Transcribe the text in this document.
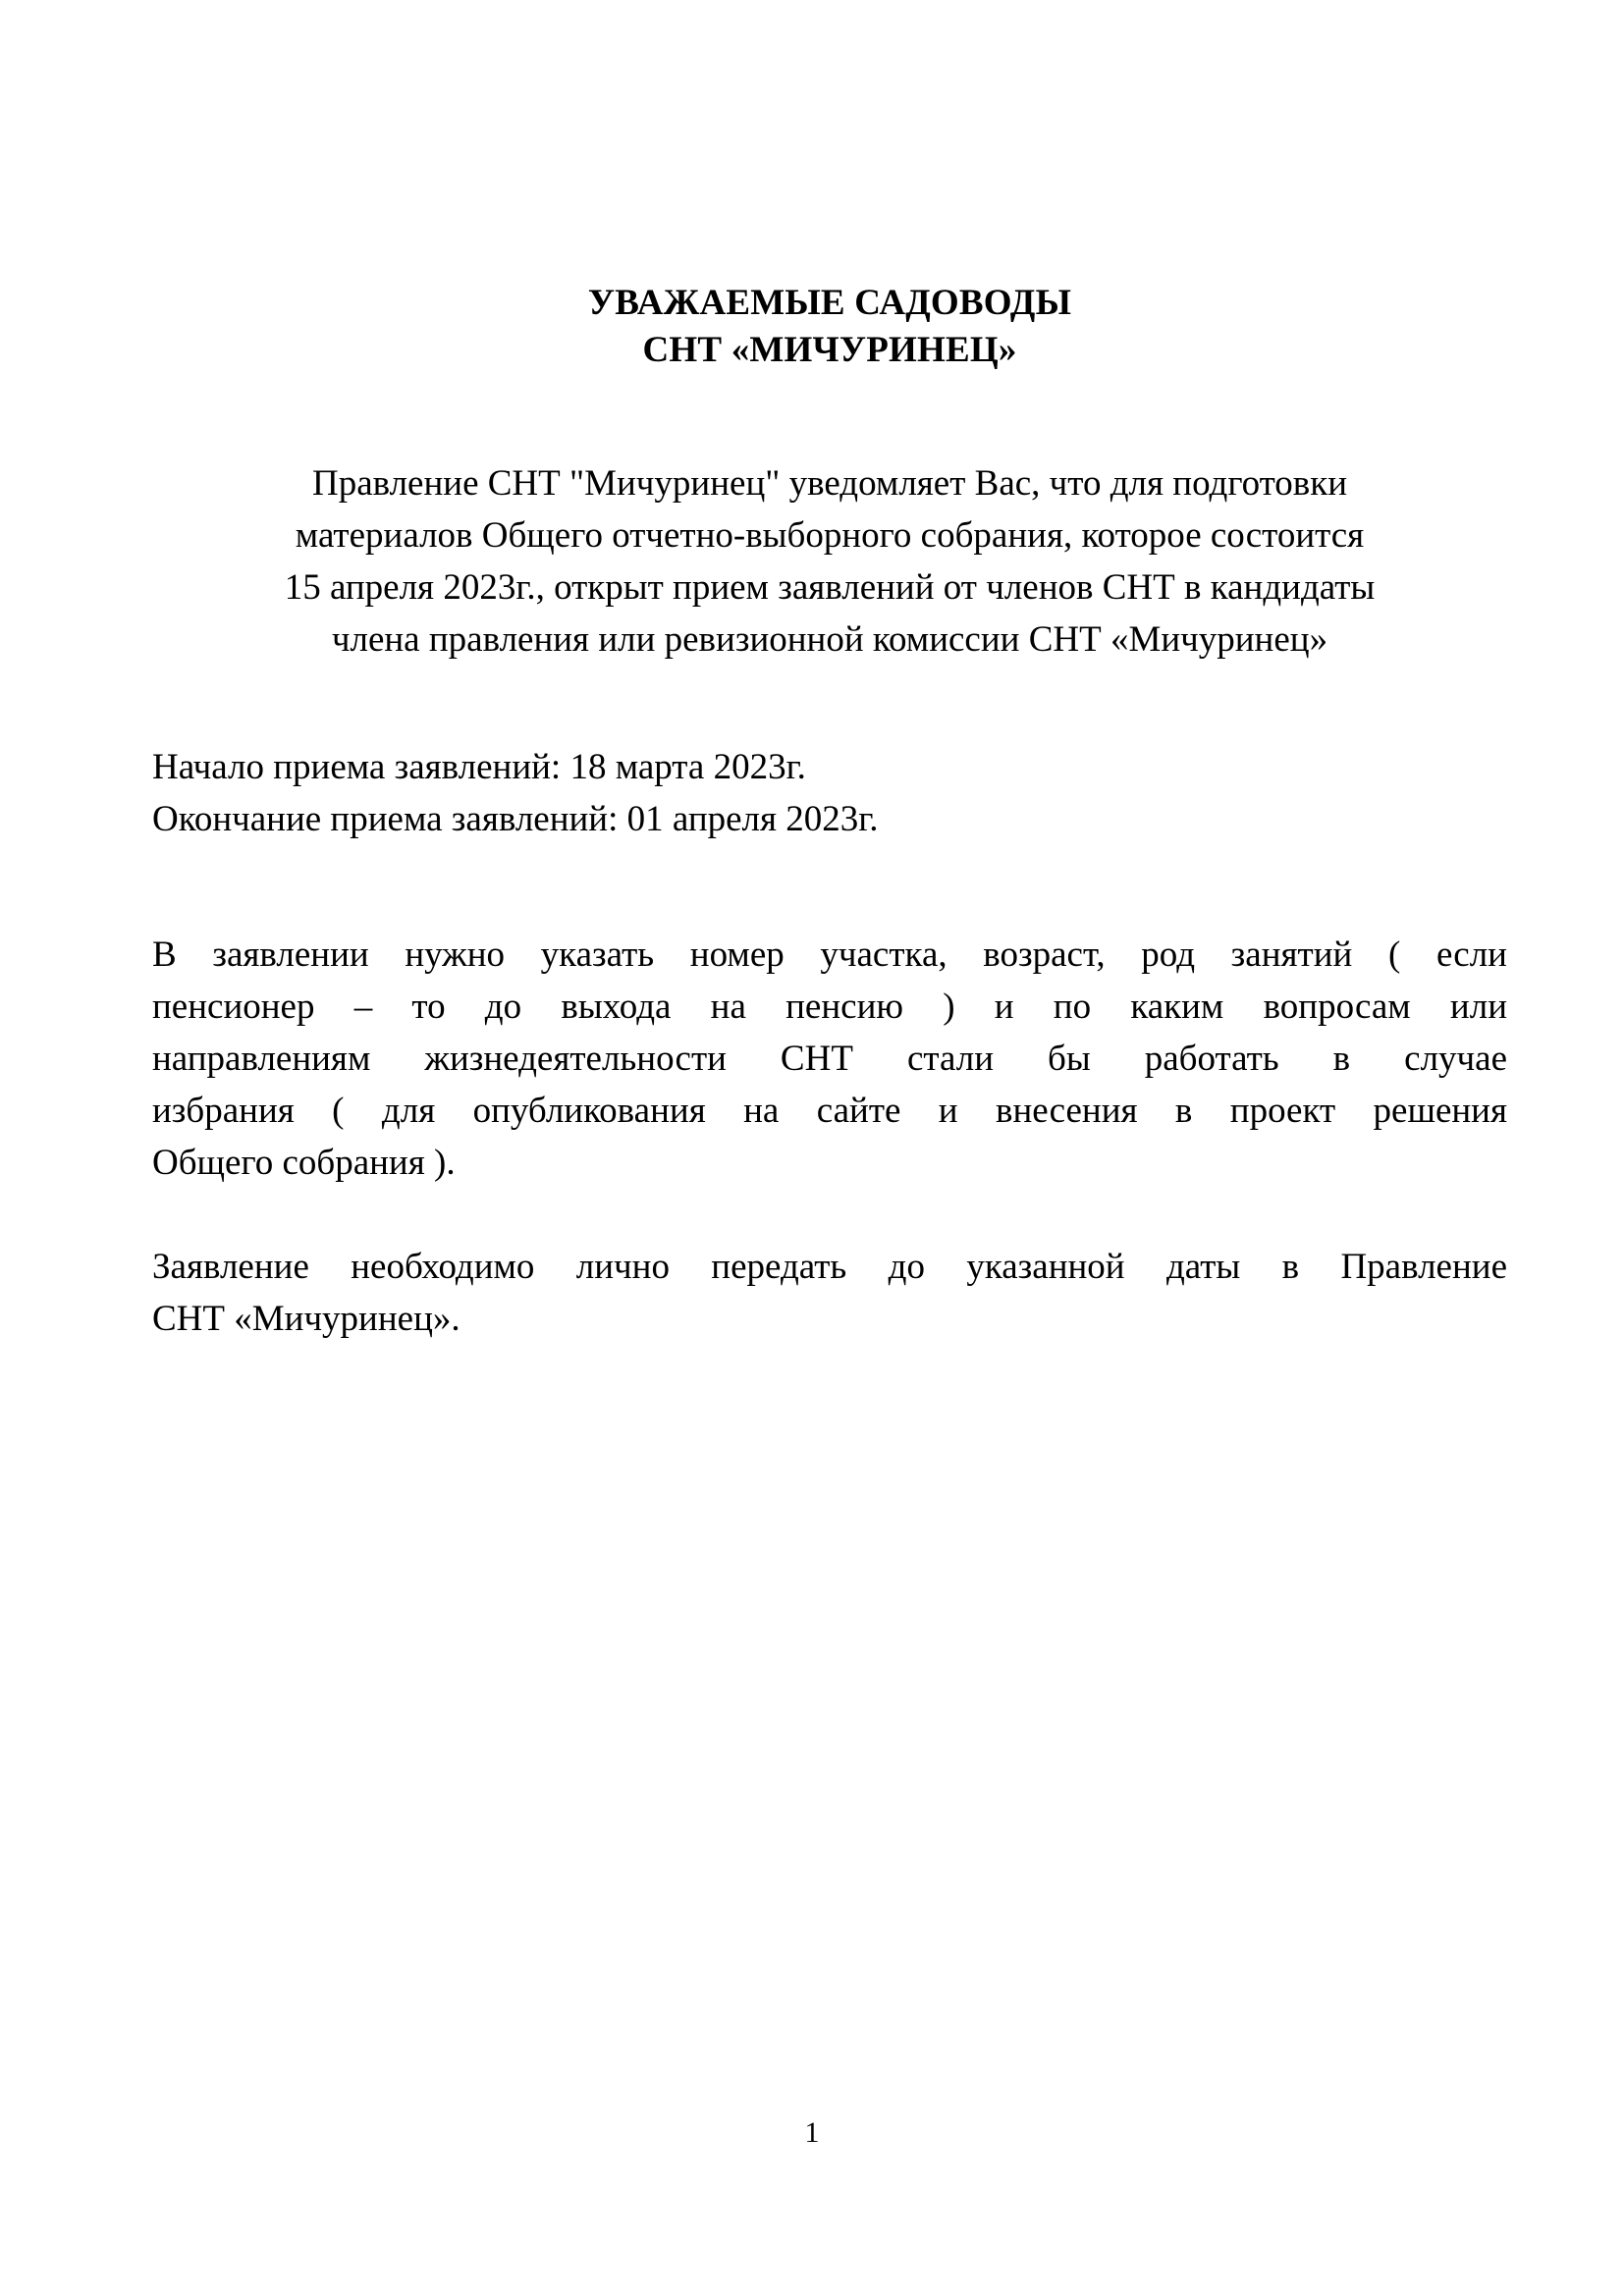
УВАЖАЕМЫЕ САДОВОДЫ
СНТ «МИЧУРИНЕЦ»

Правление СНТ "Мичуринец" уведомляет Вас, что для подготовки
материалов Общего отчетно-выборного собрания, которое состоится
15 апреля 2023г., открыт прием заявлений от членов СНТ в кандидаты
члена правления или ревизионной комиссии СНТ «Мичуринец»

Начало приема заявлений: 18 марта 2023г.
Окончание приема заявлений: 01 апреля 2023г.

В заявлении нужно указать номер участка, возраст, род занятий ( если
пенсионер – то до выхода на пенсию ) и по каким вопросам или
направлениям жизнедеятельности СНТ стали бы работать в случае
избрания ( для опубликования на сайте и внесения в проект решения
Общего собрания ).

Заявление необходимо лично передать до указанной даты в Правление
СНТ «Мичуринец».

1
